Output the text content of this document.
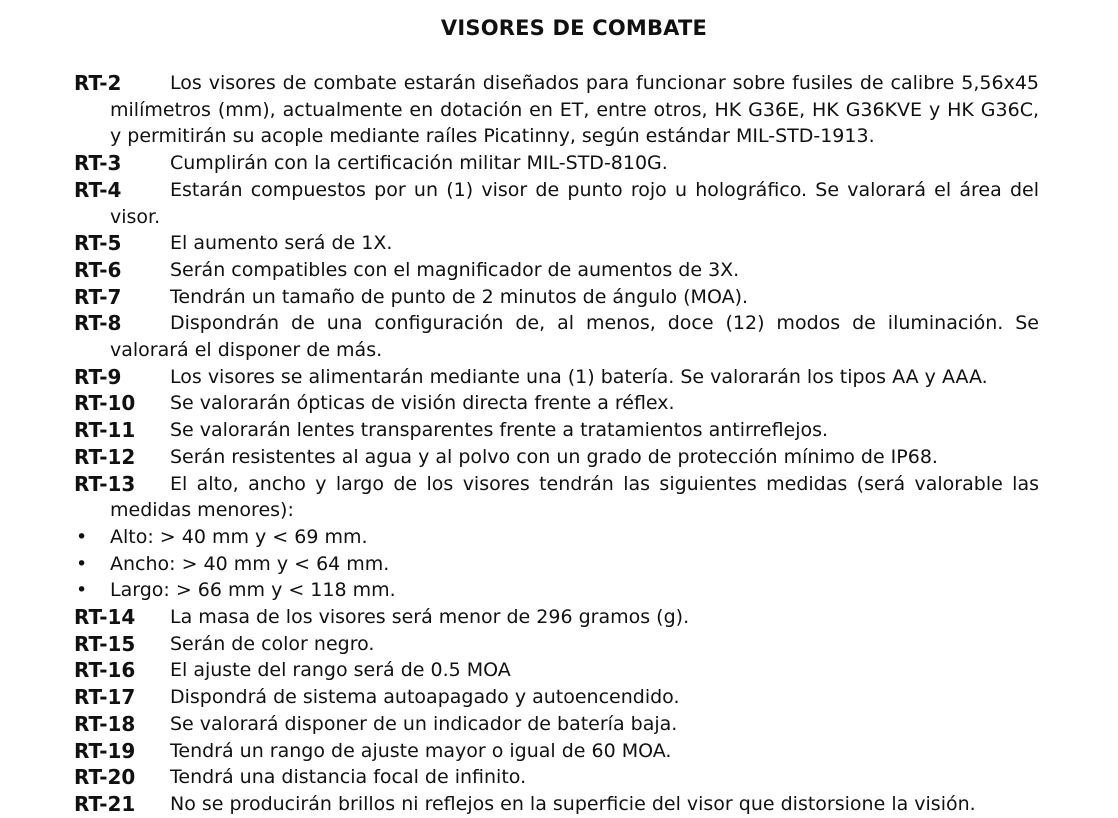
VISORES DE COMBATE
RT-2	Los visores de combate estarán diseñados para funcionar sobre fusiles de calibre 5,56x45 milímetros (mm), actualmente en dotación en ET, entre otros, HK G36E, HK G36KVE y HK G36C, y permitirán su acople mediante raíles Picatinny, según estándar MIL-STD-1913.
RT-3	Cumplirán con la certificación militar MIL-STD-810G.
RT-4	Estarán compuestos por un (1) visor de punto rojo u holográfico. Se valorará el área del visor.
RT-5	El aumento será de 1X.
RT-6	Serán compatibles con el magnificador de aumentos de 3X.
RT-7	Tendrán un tamaño de punto de 2 minutos de ángulo (MOA).
RT-8	Dispondrán de una configuración de, al menos, doce (12) modos de iluminación. Se valorará el disponer de más.
RT-9	Los visores se alimentarán mediante una (1) batería. Se valorarán los tipos AA y AAA.
RT-10	Se valorarán ópticas de visión directa frente a réflex.
RT-11	Se valorarán lentes transparentes frente a tratamientos antirreflejos.
RT-12	Serán resistentes al agua y al polvo con un grado de protección mínimo de IP68.
RT-13	El alto, ancho y largo de los visores tendrán las siguientes medidas (será valorable las medidas menores):
• Alto: > 40 mm y < 69 mm.
• Ancho: > 40 mm y < 64 mm.
• Largo: > 66 mm y < 118 mm.
RT-14	La masa de los visores será menor de 296 gramos (g).
RT-15	Serán de color negro.
RT-16	El ajuste del rango será de 0.5 MOA
RT-17	Dispondrá de sistema autoapagado y autoencendido.
RT-18	Se valorará disponer de un indicador de batería baja.
RT-19	Tendrá un rango de ajuste mayor o igual de 60 MOA.
RT-20	Tendrá una distancia focal de infinito.
RT-21	No se producirán brillos ni reflejos en la superficie del visor que distorsione la visión.
